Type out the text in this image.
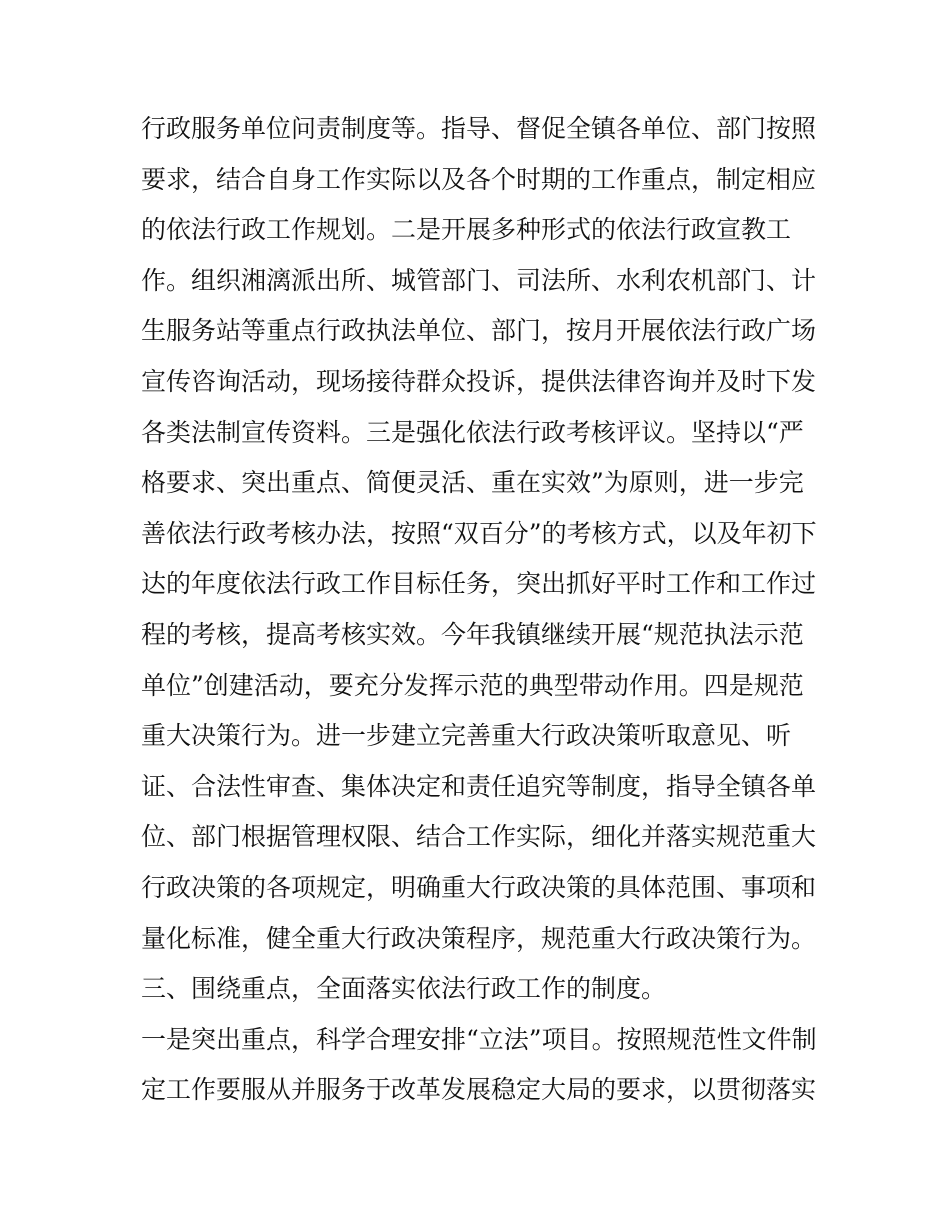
行政服务单位问责制度等。指导、督促全镇各单位、部门按照
要求，结合自身工作实际以及各个时期的工作重点，制定相应
的依法行政工作规划。二是开展多种形式的依法行政宣教工
作。组织湘漓派出所、城管部门、司法所、水利农机部门、计
生服务站等重点行政执法单位、部门，按月开展依法行政广场
宣传咨询活动，现场接待群众投诉，提供法律咨询并及时下发
各类法制宣传资料。三是强化依法行政考核评议。坚持以“严
格要求、突出重点、简便灵活、重在实效”为原则，进一步完
善依法行政考核办法，按照“双百分”的考核方式，以及年初下
达的年度依法行政工作目标任务，突出抓好平时工作和工作过
程的考核，提高考核实效。今年我镇继续开展“规范执法示范
单位”创建活动，要充分发挥示范的典型带动作用。四是规范
重大决策行为。进一步建立完善重大行政决策听取意见、听
证、合法性审查、集体决定和责任追究等制度，指导全镇各单
位、部门根据管理权限、结合工作实际，细化并落实规范重大
行政决策的各项规定，明确重大行政决策的具体范围、事项和
量化标准，健全重大行政决策程序，规范重大行政决策行为。
三、围绕重点，全面落实依法行政工作的制度。
一是突出重点，科学合理安排“立法”项目。按照规范性文件制
定工作要服从并服务于改革发展稳定大局的要求，以贯彻落实
